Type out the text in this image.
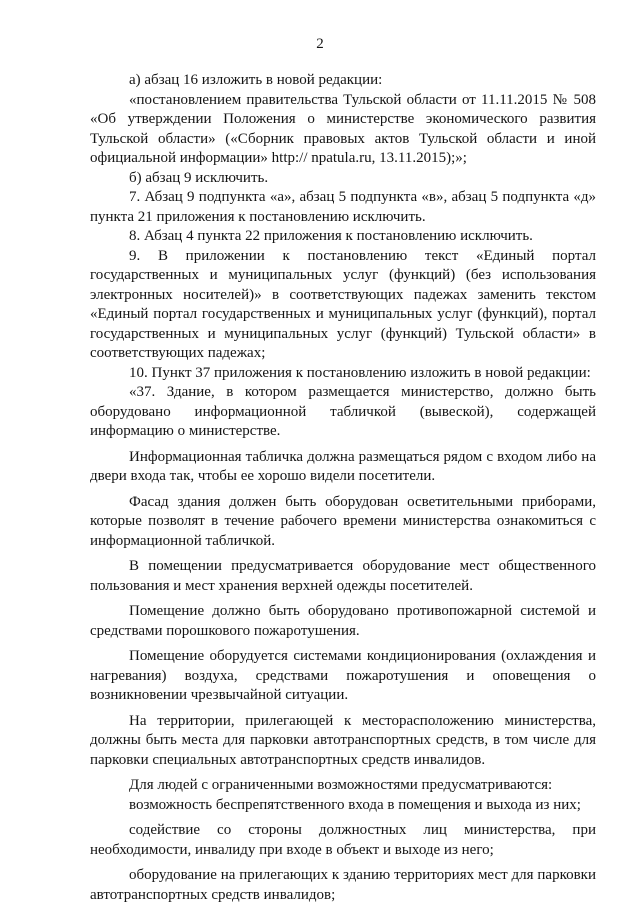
2

а) абзац 16 изложить в новой редакции:

«постановлением правительства Тульской области от 11.11.2015 № 508 «Об утверждении Положения о министерстве экономического развития Тульской области» («Сборник правовых актов Тульской области и иной официальной информации» http:// npatula.ru, 13.11.2015);»;

б) абзац 9 исключить.

7. Абзац 9 подпункта «а», абзац 5 подпункта «в», абзац 5 подпункта «д» пункта 21 приложения к постановлению исключить.

8. Абзац 4 пункта 22 приложения к постановлению исключить.

9. В приложении к постановлению текст «Единый портал государственных и муниципальных услуг (функций) (без использования электронных носителей)» в соответствующих падежах заменить текстом «Единый портал государственных и муниципальных услуг (функций), портал государственных и муниципальных услуг (функций) Тульской области» в соответствующих падежах;

10. Пункт 37 приложения к постановлению изложить в новой редакции:

«37. Здание, в котором размещается министерство, должно быть оборудовано информационной табличкой (вывеской), содержащей информацию о министерстве.

Информационная табличка должна размещаться рядом с входом либо на двери входа так, чтобы ее хорошо видели посетители.

Фасад здания должен быть оборудован осветительными приборами, которые позволят в течение рабочего времени министерства ознакомиться с информационной табличкой.

В помещении предусматривается оборудование мест общественного пользования и мест хранения верхней одежды посетителей.

Помещение должно быть оборудовано противопожарной системой и средствами порошкового пожаротушения.

Помещение оборудуется системами кондиционирования (охлаждения и нагревания) воздуха, средствами пожаротушения и оповещения о возникновении чрезвычайной ситуации.

На территории, прилегающей к месторасположению министерства, должны быть места для парковки автотранспортных средств, в том числе для парковки специальных автотранспортных средств инвалидов.

Для людей с ограниченными возможностями предусматриваются:

возможность беспрепятственного входа в помещения и выхода из них;

содействие со стороны должностных лиц министерства, при необходимости, инвалиду при входе в объект и выходе из него;

оборудование на прилегающих к зданию территориях мест для парковки автотранспортных средств инвалидов;
